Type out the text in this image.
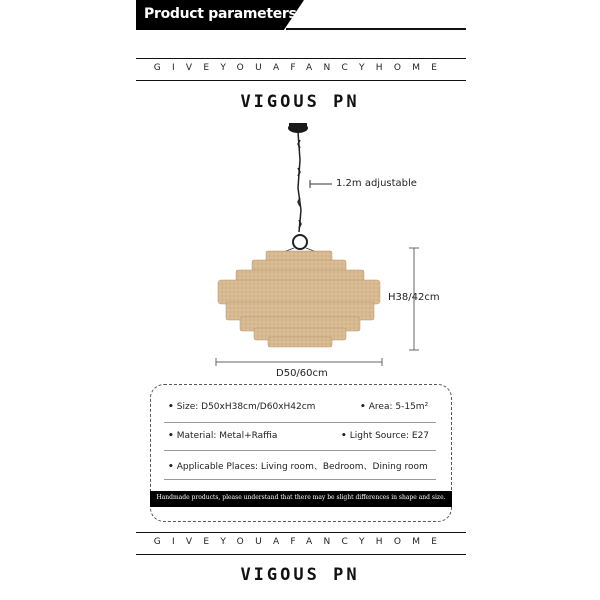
Product parameters
GIVEYOUAFANCYHOME
VIGOUS PN
1.2m adjustable
H38/42cm
D50/60cm
• Size: D50xH38cm/D60xH42cm	• Area: 5-15m²
• Material: Metal+Raffia	• Light Source: E27
• Applicable Places: Living room、Bedroom、Dining room
Handmade products, please understand that there may be slight differences in shape and size.
GIVEYOUAFANCYHOME
VIGOUS PN
